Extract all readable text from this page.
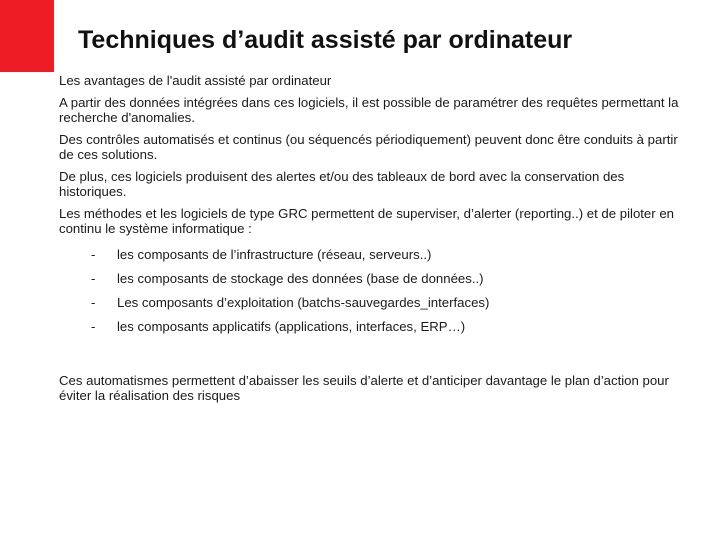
Techniques d’audit assisté par ordinateur

Les avantages de l'audit assisté par ordinateur

A partir des données intégrées dans ces logiciels, il est possible de paramétrer des requêtes permettant la recherche d'anomalies.

Des contrôles automatisés et continus (ou séquencés périodiquement) peuvent donc être conduits à partir de ces solutions.

De plus, ces logiciels produisent des alertes et/ou des tableaux de bord avec la conservation des historiques.

Les méthodes et les logiciels de type GRC permettent de superviser, d’alerter (reporting..) et de piloter en continu le système informatique :

-	les composants de l’infrastructure (réseau, serveurs..)
-	les composants de stockage des données (base de données..)
-	Les composants d’exploitation (batchs-sauvegardes_interfaces)
-	les composants applicatifs (applications, interfaces, ERP…)

Ces automatismes permettent d’abaisser les seuils d’alerte et d’anticiper davantage le plan d’action pour éviter la réalisation des risques
